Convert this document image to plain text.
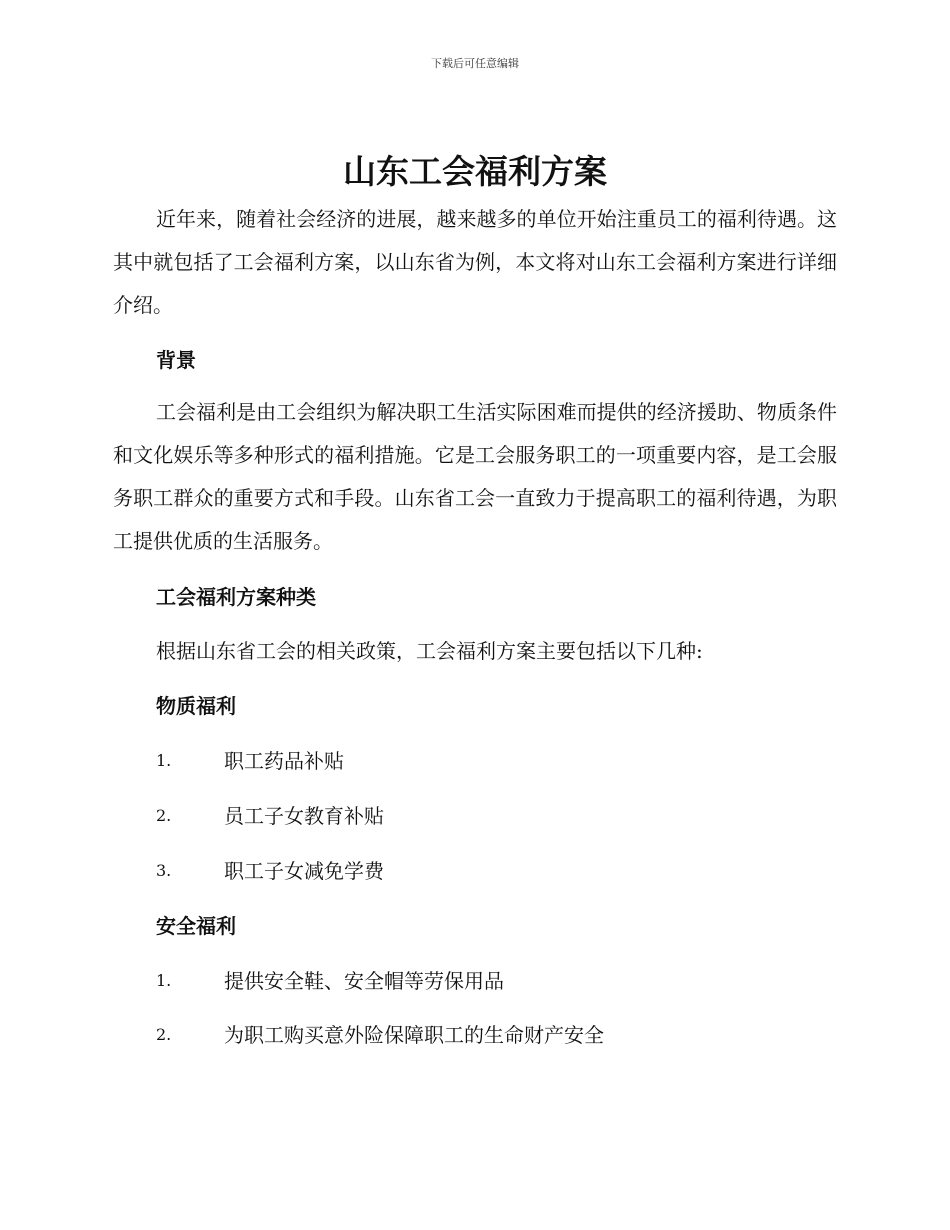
下载后可任意编辑
山东工会福利方案

近年来，随着社会经济的进展，越来越多的单位开始注重员工的福利待遇。这其中就包括了工会福利方案，以山东省为例，本文将对山东工会福利方案进行详细介绍。

背景

工会福利是由工会组织为解决职工生活实际困难而提供的经济援助、物质条件和文化娱乐等多种形式的福利措施。它是工会服务职工的一项重要内容，是工会服务职工群众的重要方式和手段。山东省工会一直致力于提高职工的福利待遇，为职工提供优质的生活服务。

工会福利方案种类
根据山东省工会的相关政策，工会福利方案主要包括以下几种:
物质福利
1.	职工药品补贴
2.	员工子女教育补贴
3.	职工子女减免学费
安全福利
1.	提供安全鞋、安全帽等劳保用品
2.	为职工购买意外险保障职工的生命财产安全
